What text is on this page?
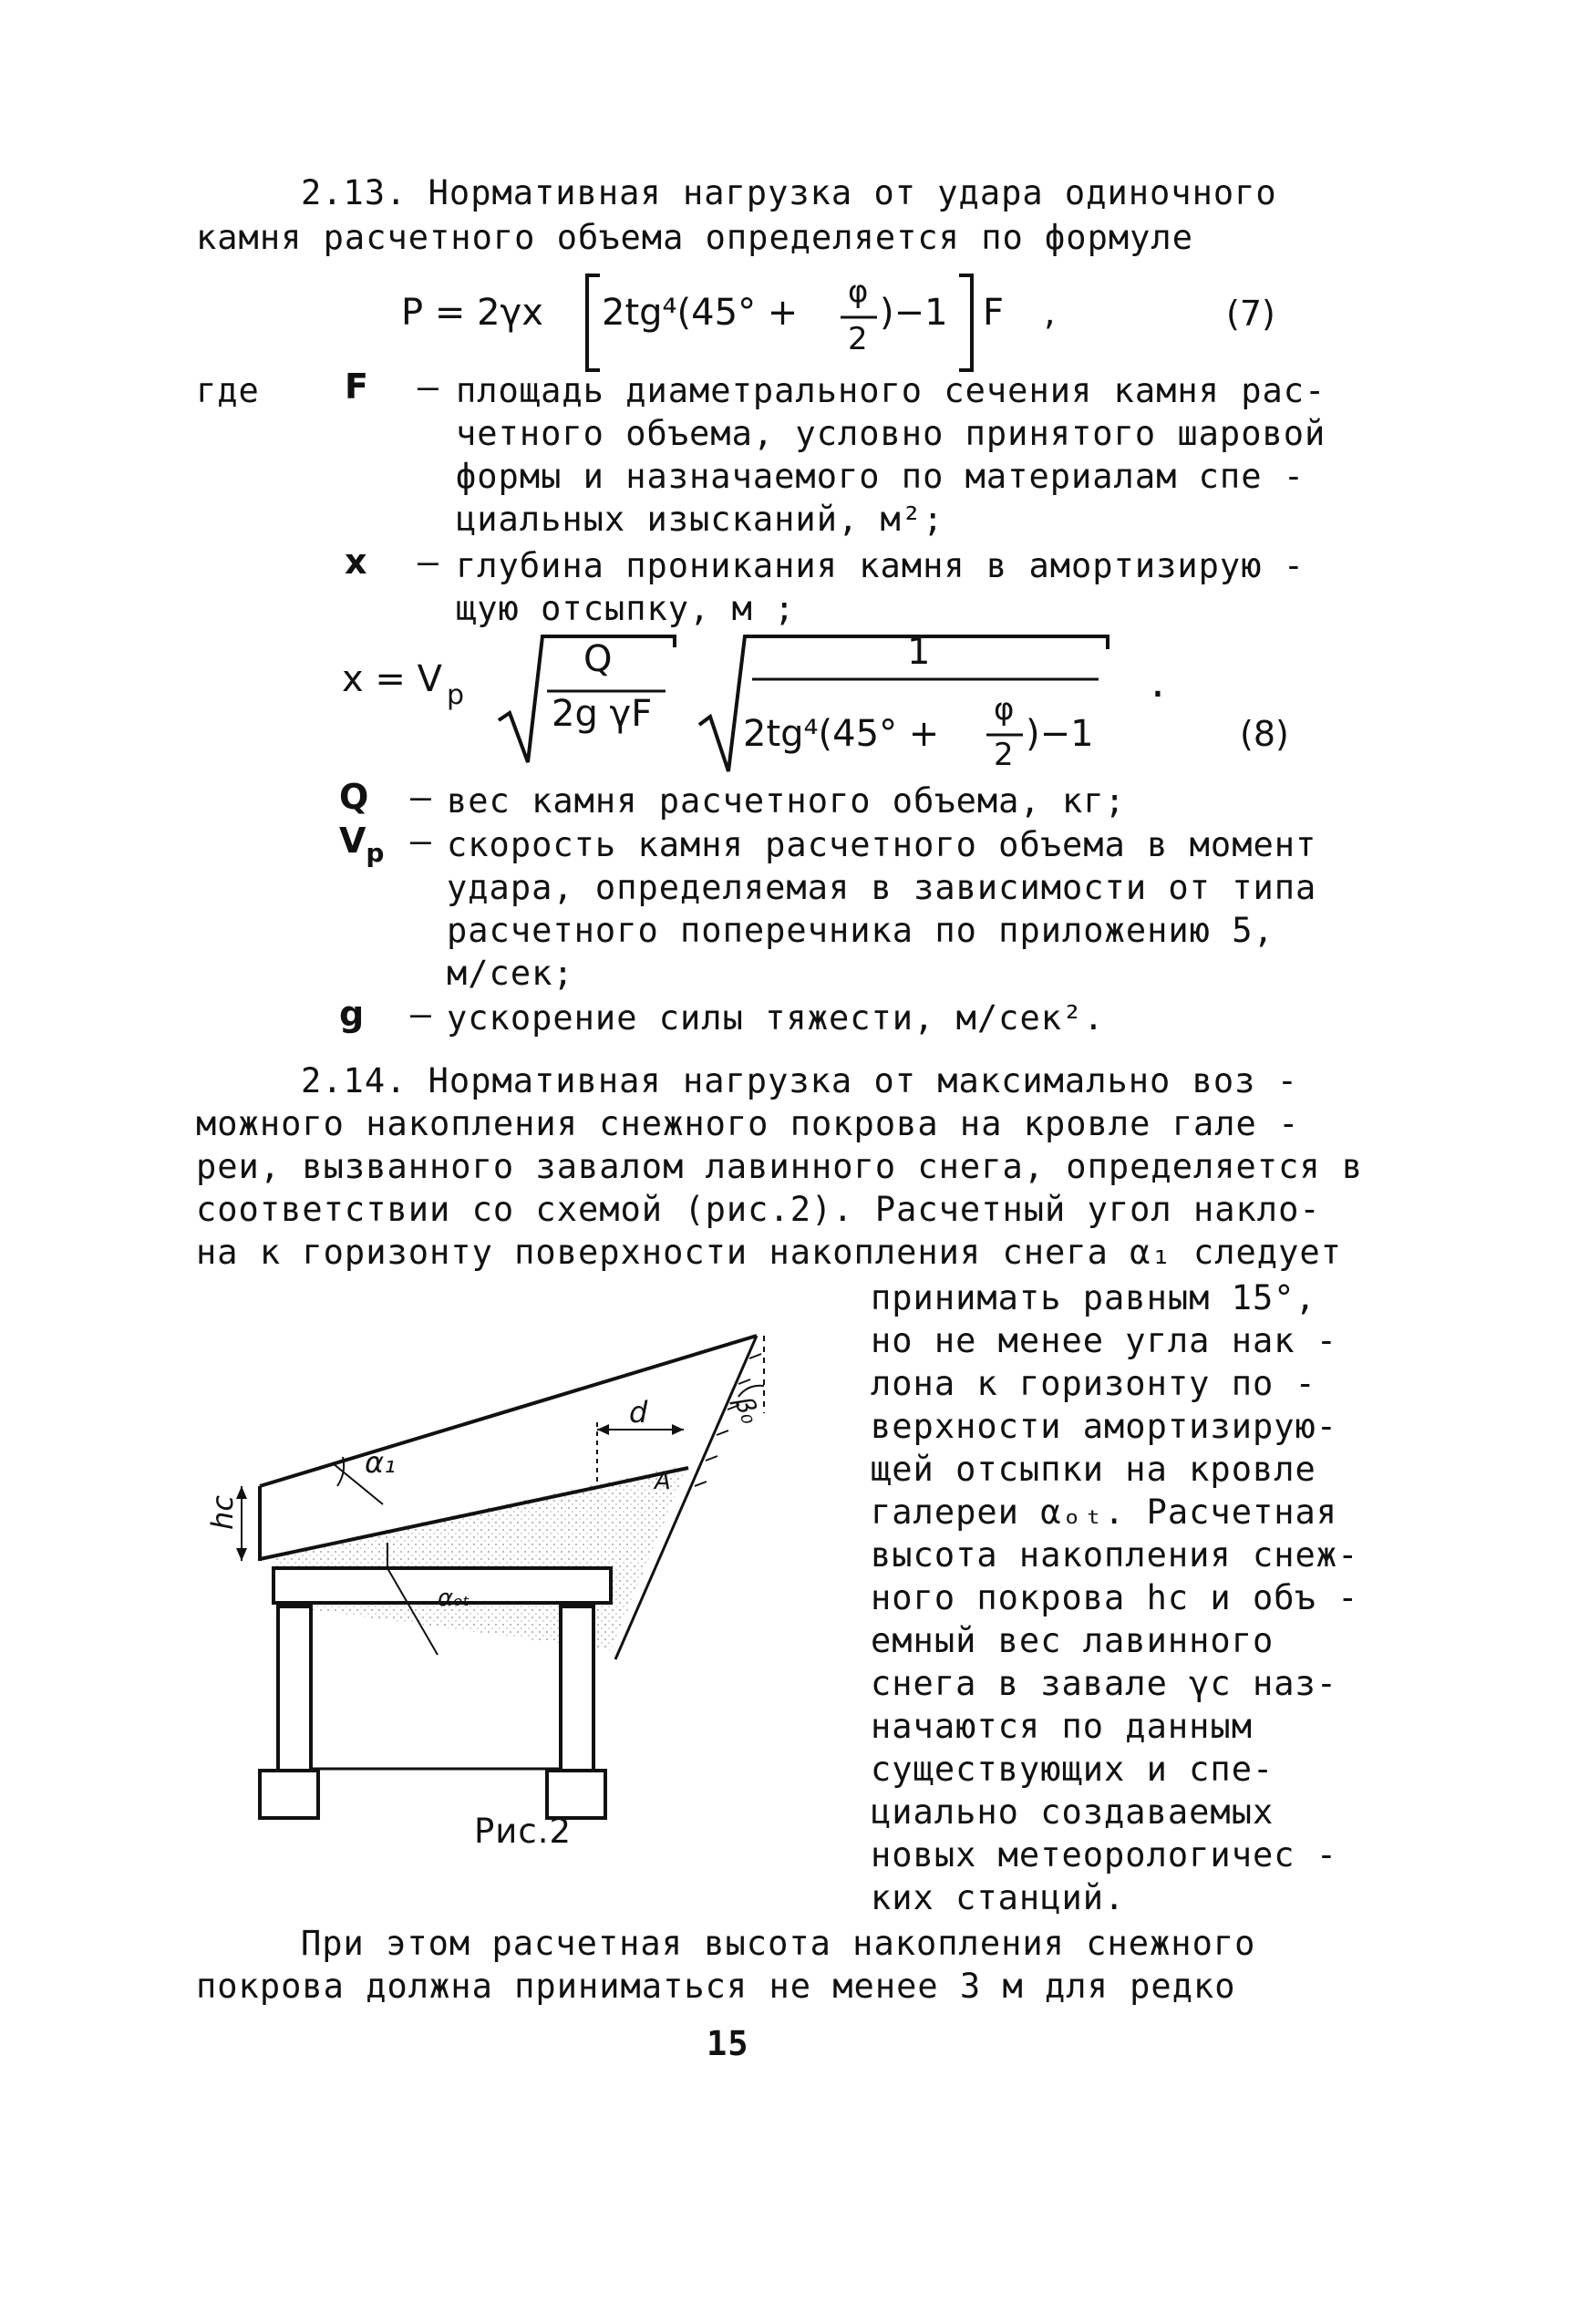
2.13. Нормативная нагрузка от удара одиночного
камня расчетного объема определяется по формуле
P = 2γx 2tg⁴(45° + φ
2
)−1 F ,	(7)
где F – площадь диаметрального сечения камня рас-
четного объема, условно принятого шаровой
формы и назначаемого по материалам спе -
циальных изысканий, м²;
x – глубина проникания камня в амортизирую -
щую отсыпку, м ;
x = V p
Q
2g γF
1
2tg⁴(45° +
φ
2 )−1
.
(8)
Q – вес камня расчетного объема, кг;
$V_p$ – скорость камня расчетного объема в момент
удара, определяемая в зависимости от типа
расчетного поперечника по приложению 5,
м/сек;
g – ускорение силы тяжести, м/сек².
2.14. Нормативная нагрузка от максимально воз -
можного накопления снежного покрова на кровле гале -
реи, вызванного завалом лавинного снега, определяется в
соответствии со схемой (рис.2). Расчетный угол накло-
на к горизонту поверхности накопления снега α₁ следует
принимать равным 15°,
но не менее угла нак -
лона к горизонту по -
верхности амортизирую-
щей отсыпки на кровле
галереи αₒₜ. Расчетная
высота накопления снеж-
ного покрова hc и объ -
емный вес лавинного
снега в завале γc наз-
начаются по данным
существующих и спе-
циально создаваемых
новых метеорологичес -
ких станций.
hc
α₁
d	β₀
A
αₒₜ
Рис.2
При этом расчетная высота накопления снежного
покрова должна приниматься не менее 3 м для редко
15
